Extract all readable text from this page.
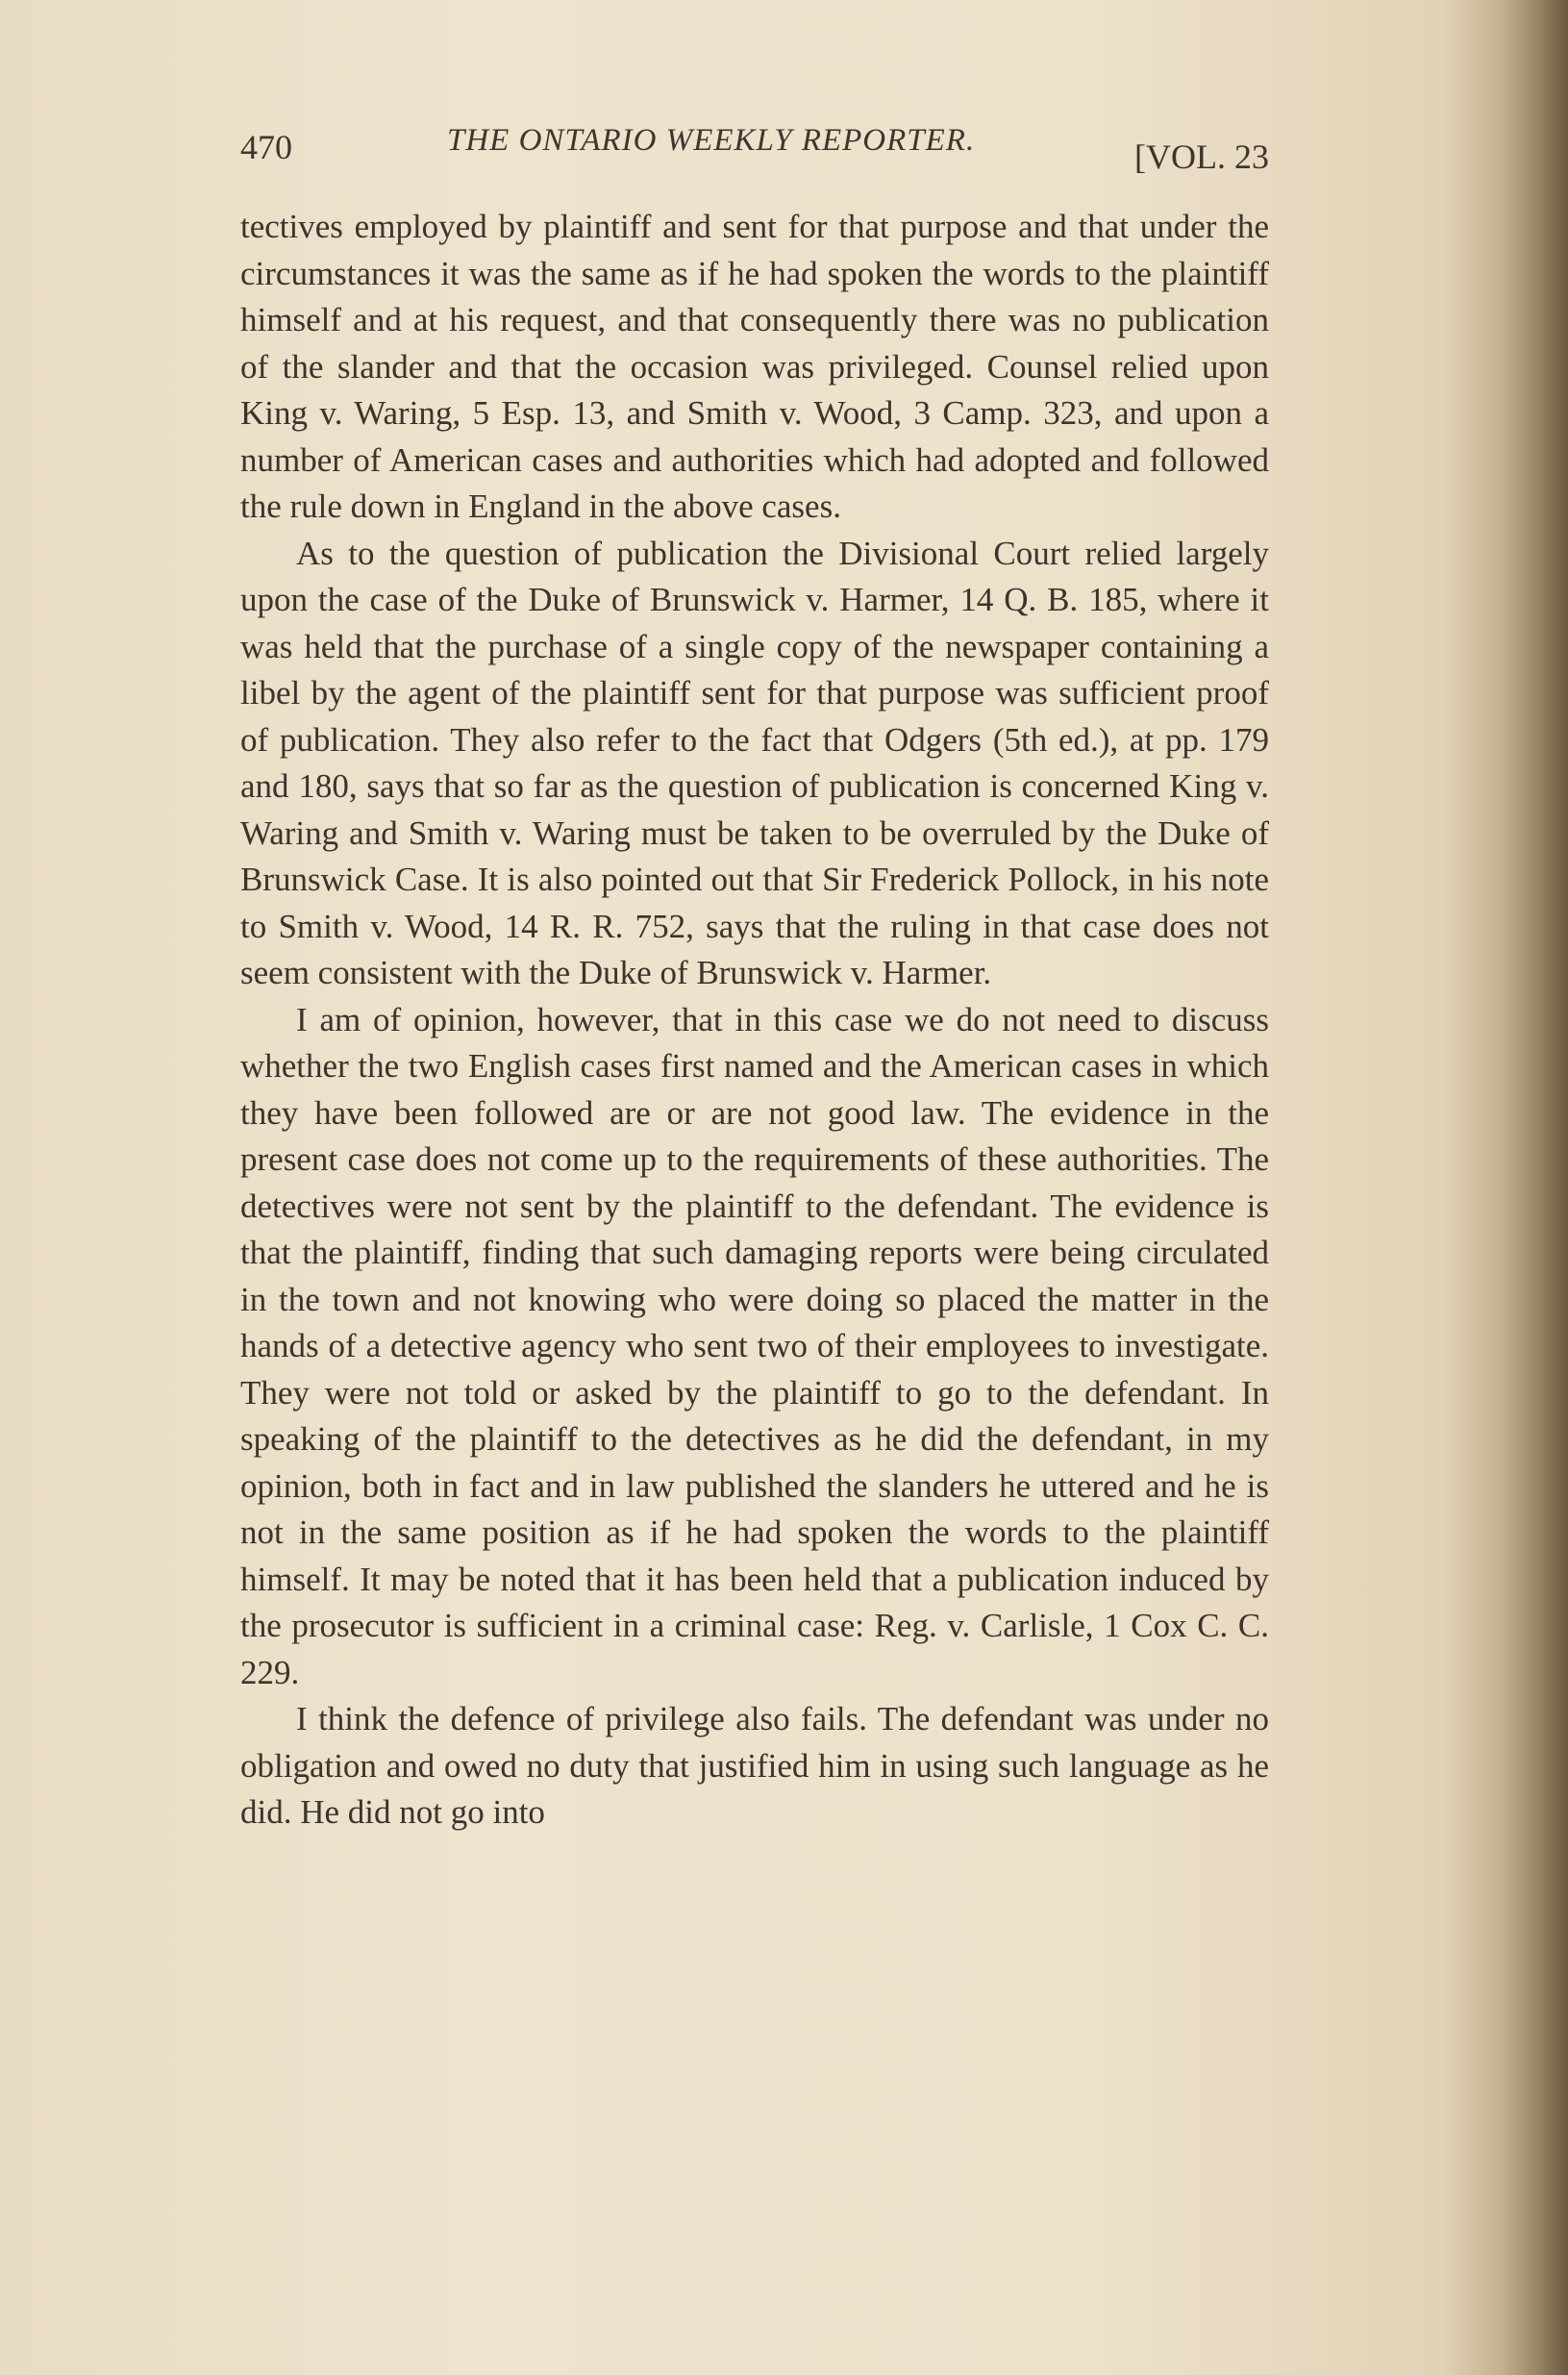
470	THE ONTARIO WEEKLY REPORTER.	[VOL. 23

tectives employed by plaintiff and sent for that purpose and that under the circumstances it was the same as if he had spoken the words to the plaintiff himself and at his request, and that consequently there was no publication of the slander and that the occasion was privileged. Counsel relied upon King v. Waring, 5 Esp. 13, and Smith v. Wood, 3 Camp. 323, and upon a number of American cases and authorities which had adopted and followed the rule down in England in the above cases.

As to the question of publication the Divisional Court relied largely upon the case of the Duke of Brunswick v. Harmer, 14 Q. B. 185, where it was held that the purchase of a single copy of the newspaper containing a libel by the agent of the plaintiff sent for that purpose was sufficient proof of publication. They also refer to the fact that Odgers (5th ed.), at pp. 179 and 180, says that so far as the question of publication is concerned King v. Waring and Smith v. Waring must be taken to be overruled by the Duke of Brunswick Case. It is also pointed out that Sir Frederick Pollock, in his note to Smith v. Wood, 14 R. R. 752, says that the ruling in that case does not seem consistent with the Duke of Brunswick v. Harmer.

I am of opinion, however, that in this case we do not need to discuss whether the two English cases first named and the American cases in which they have been followed are or are not good law. The evidence in the present case does not come up to the requirements of these authorities. The detectives were not sent by the plaintiff to the defendant. The evidence is that the plaintiff, finding that such damaging reports were being circulated in the town and not knowing who were doing so placed the matter in the hands of a detective agency who sent two of their employees to investigate. They were not told or asked by the plaintiff to go to the defendant. In speaking of the plaintiff to the detectives as he did the defendant, in my opinion, both in fact and in law published the slanders he uttered and he is not in the same position as if he had spoken the words to the plaintiff himself. It may be noted that it has been held that a publication induced by the prosecutor is sufficient in a criminal case: Reg. v. Carlisle, 1 Cox C. C. 229.

I think the defence of privilege also fails. The defendant was under no obligation and owed no duty that justified him in using such language as he did. He did not go into
